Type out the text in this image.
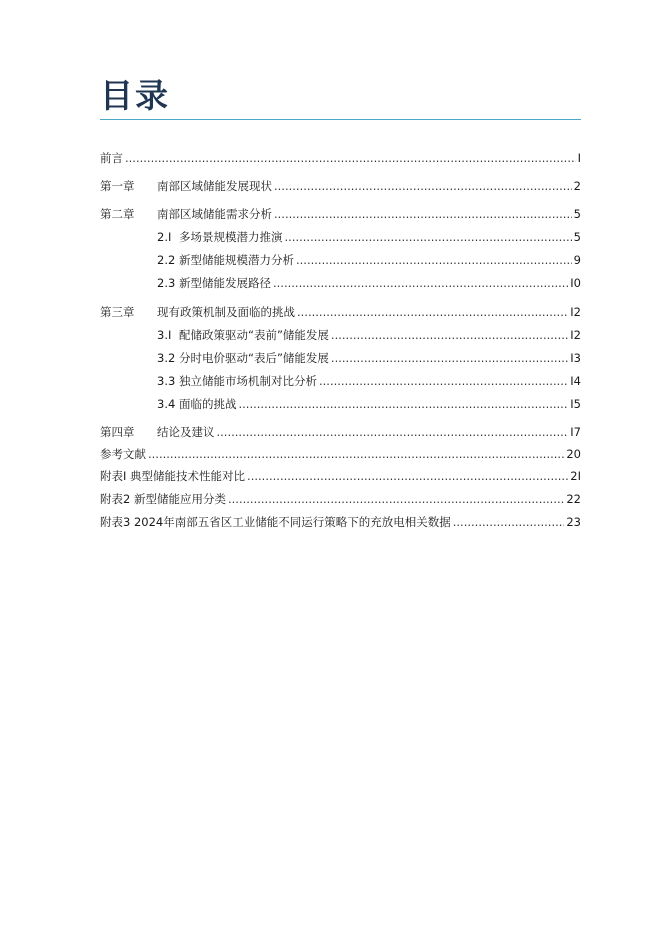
目录
前言 .....	I
第一章	南部区域储能发展现状 .....	2
第二章	南部区域储能需求分析 .....	5
2.I 多场景规模潜力推演 .....	5
2.2 新型储能规模潜力分析 .....	9
2.3 新型储能发展路径 .....	I0
第三章	现有政策机制及面临的挑战 .....	I2
3.I 配储政策驱动“表前”储能发展 .....	I2
3.2 分时电价驱动“表后”储能发展 .....	I3
3.3 独立储能市场机制对比分析 .....	I4
3.4 面临的挑战 .....	I5
第四章	结论及建议 .....	I7
参考文献 .....	20
附表I 典型储能技术性能对比 .....	2I
附表2 新型储能应用分类 .....	22
附表3 2024年南部五省区工业储能不同运行策略下的充放电相关数据 .....	23
